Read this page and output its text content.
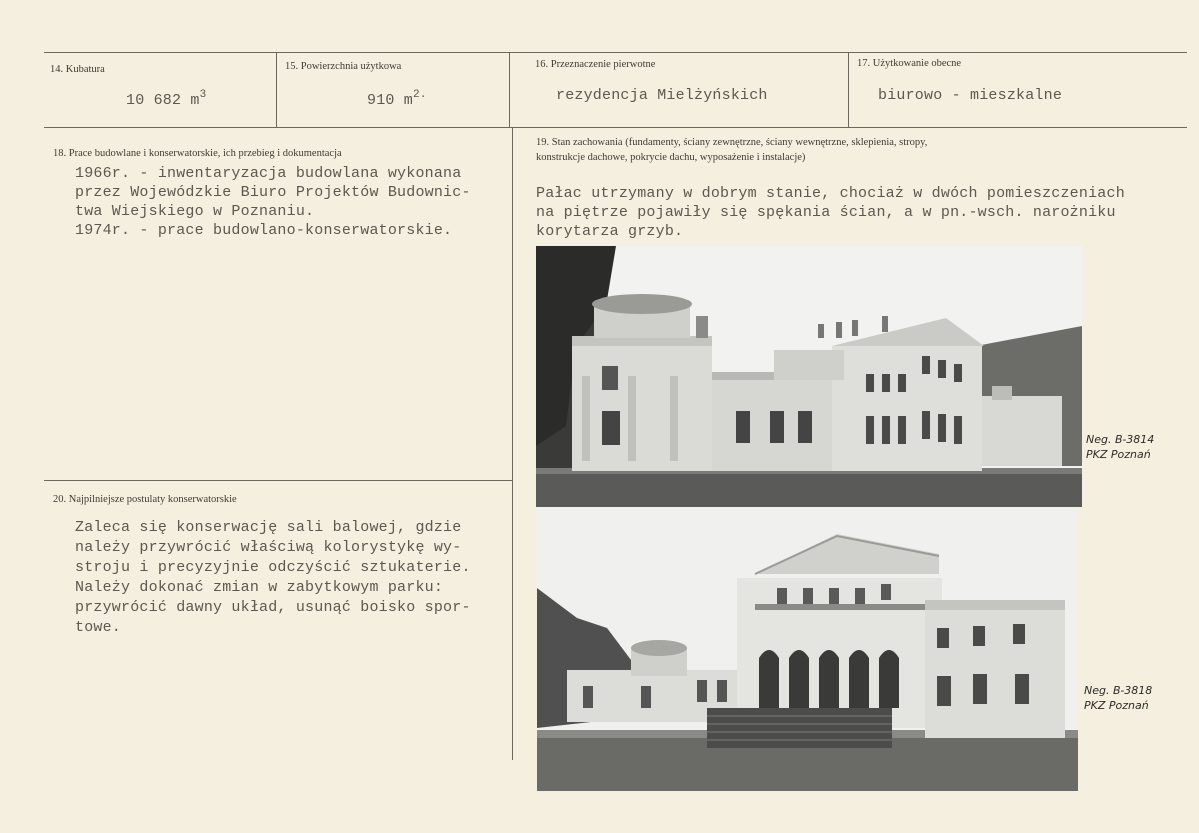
14. Kubatura
10 682 $m^3$
15. Powierzchnia użytkowa
910 $m^{2.}$
16. Przeznaczenie pierwotne
rezydencja Mielżyńskich
17. Użytkowanie obecne
biurowo - mieszkalne
18. Prace budowlane i konserwatorskie, ich przebieg i dokumentacja
1966r. - inwentaryzacja budowlana wykonana
przez Wojewódzkie Biuro Projektów Budownic-
twa Wiejskiego w Poznaniu.
1974r. - prace budowlano-konserwatorskie.
19. Stan zachowania (fundamenty, ściany zewnętrzne, ściany wewnętrzne, sklepienia, stropy,
konstrukcje dachowe, pokrycie dachu, wyposażenie i instalacje)
Pałac utrzymany w dobrym stanie, chociaż w dwóch pomieszczeniach
na piętrze pojawiły się spękania ścian, a w pn.-wsch. narożniku
korytarza grzyb.
20. Najpilniejsze postulaty konserwatorskie
Zaleca się konserwację sali balowej, gdzie
należy przywrócić właściwą kolorystykę wy-
stroju i precyzyjnie odczyścić sztukaterie.
Należy dokonać zmian w zabytkowym parku:
przywrócić dawny układ, usunąć boisko spor-
towe.
Neg. B-3814
PKZ Poznań
Neg. B-3818
PKZ Poznań
